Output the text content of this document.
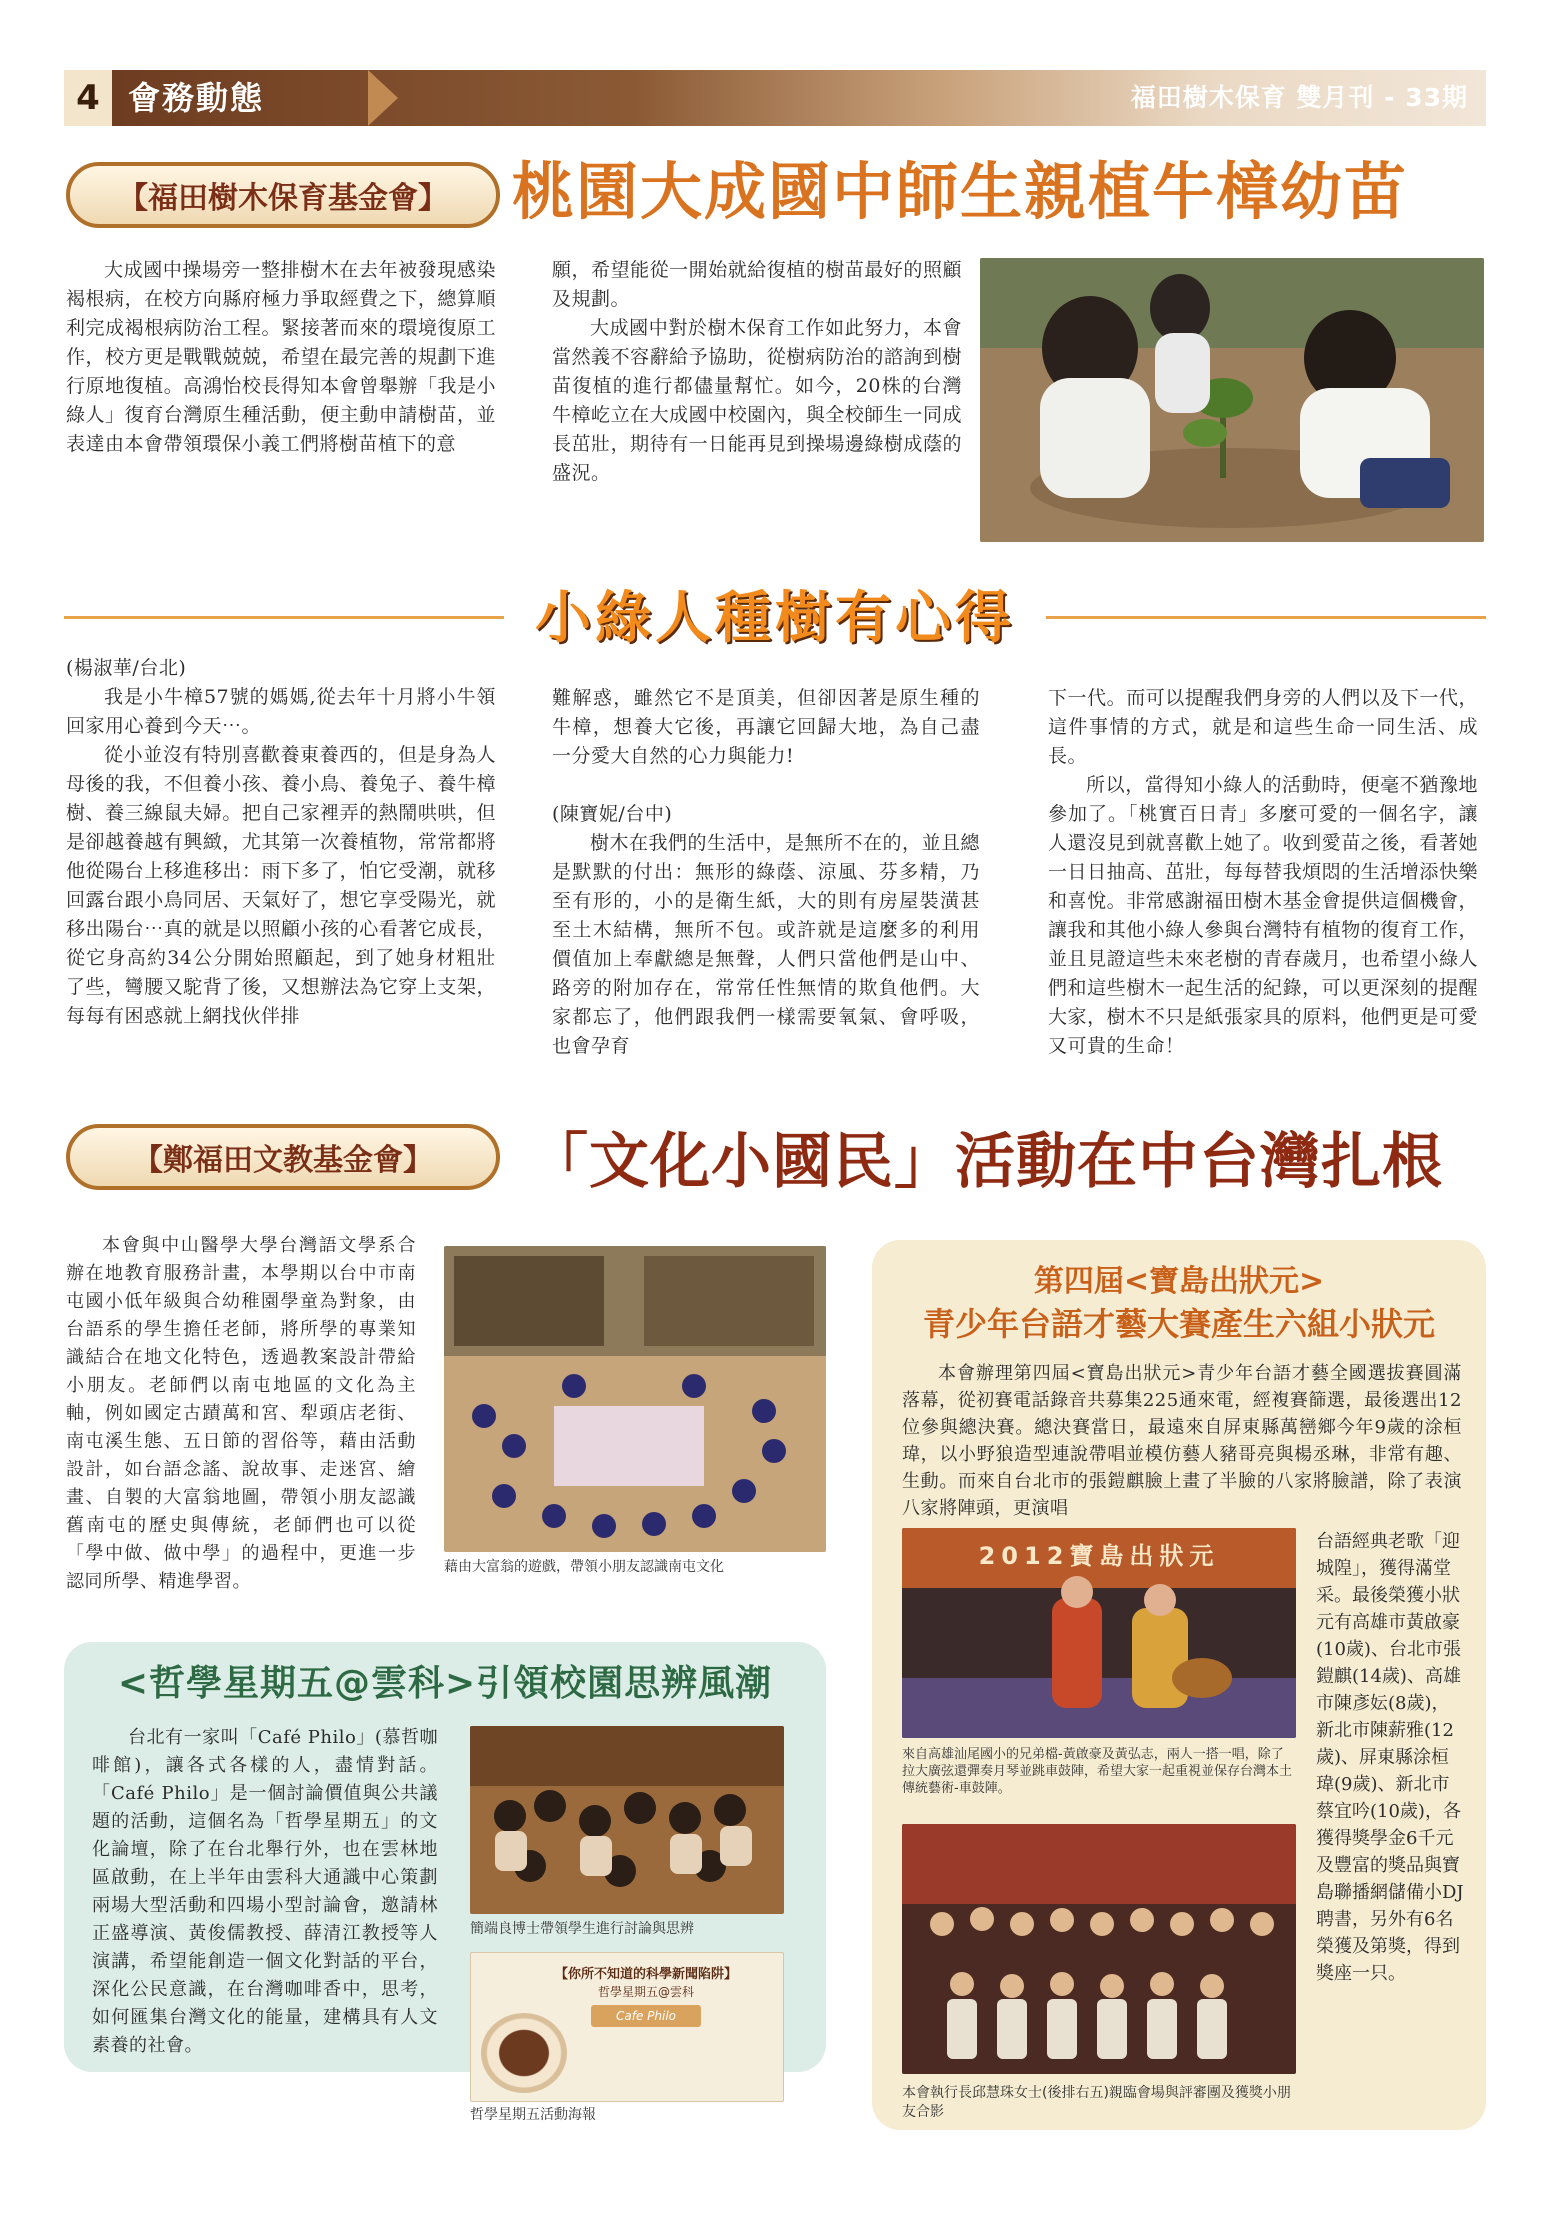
4 會務動態	福田樹木保育 雙月刊 - 33期
【福田樹木保育基金會】	桃園大成國中師生親植牛樟幼苗

大成國中操場旁一整排樹木在去年被發現感染褐根病，在校方向縣府極力爭取經費之下，總算順利完成褐根病防治工程。緊接著而來的環境復原工作，校方更是戰戰兢兢，希望在最完善的規劃下進行原地復植。高鴻怡校長得知本會曾舉辦「我是小綠人」復育台灣原生種活動，便主動申請樹苗，並表達由本會帶領環保小義工們將樹苗植下的意

願，希望能從一開始就給復植的樹苗最好的照顧及規劃。

大成國中對於樹木保育工作如此努力，本會當然義不容辭給予協助，從樹病防治的諮詢到樹苗復植的進行都儘量幫忙。如今，20株的台灣牛樟屹立在大成國中校園內，與全校師生一同成長茁壯，期待有一日能再見到操場邊綠樹成蔭的盛況。

小綠人種樹有心得

(楊淑華/台北)

我是小牛樟57號的媽媽,從去年十月將小牛領回家用心養到今天⋯。

從小並沒有特別喜歡養東養西的，但是身為人母後的我，不但養小孩、養小鳥、養兔子、養牛樟樹、養三線鼠夫婦。把自己家裡弄的熱鬧哄哄，但是卻越養越有興緻，尤其第一次養植物，常常都將他從陽台上移進移出：雨下多了，怕它受潮，就移回露台跟小鳥同居、天氣好了，想它享受陽光，就移出陽台⋯真的就是以照顧小孩的心看著它成長，從它身高約34公分開始照顧起，到了她身材粗壯了些，彎腰又駝背了後，又想辦法為它穿上支架，每每有困惑就上網找伙伴排

難解惑，雖然它不是頂美，但卻因著是原生種的牛樟，想養大它後，再讓它回歸大地，為自己盡一分愛大自然的心力與能力!

(陳寶妮/台中)

樹木在我們的生活中，是無所不在的，並且總是默默的付出：無形的綠蔭、涼風、芬多精，乃至有形的，小的是衛生紙，大的則有房屋裝潢甚至土木結構，無所不包。或許就是這麼多的利用價值加上奉獻總是無聲，人們只當他們是山中、路旁的附加存在，常常任性無情的欺負他們。大家都忘了，他們跟我們一樣需要氧氣、會呼吸，也會孕育

下一代。而可以提醒我們身旁的人們以及下一代，這件事情的方式，就是和這些生命一同生活、成長。

所以，當得知小綠人的活動時，便毫不猶豫地參加了。「桃實百日青」多麼可愛的一個名字，讓人還沒見到就喜歡上她了。收到愛苗之後，看著她一日日抽高、茁壯，每每替我煩悶的生活增添快樂和喜悅。非常感謝福田樹木基金會提供這個機會，讓我和其他小綠人參與台灣特有植物的復育工作，並且見證這些未來老樹的青春歲月，也希望小綠人們和這些樹木一起生活的紀錄，可以更深刻的提醒大家，樹木不只是紙張家具的原料，他們更是可愛又可貴的生命！

【鄭福田文教基金會】	「文化小國民」活動在中台灣扎根

本會與中山醫學大學台灣語文學系合辦在地教育服務計畫，本學期以台中市南屯國小低年級與合幼稚園學童為對象，由台語系的學生擔任老師，將所學的專業知識結合在地文化特色，透過教案設計帶給小朋友。老師們以南屯地區的文化為主軸，例如國定古蹟萬和宮、犁頭店老街、南屯溪生態、五日節的習俗等，藉由活動設計，如台語念謠、說故事、走迷宮、繪畫、自製的大富翁地圖，帶領小朋友認識舊南屯的歷史與傳統，老師們也可以從「學中做、做中學」的過程中，更進一步認同所學、精進學習。

藉由大富翁的遊戲，帶領小朋友認識南屯文化
<哲學星期五@雲科>引領校園思辨風潮

台北有一家叫「Café Philo」(慕哲咖啡館)，讓各式各樣的人，盡情對話。「Café Philo」是一個討論價值與公共議題的活動，這個名為「哲學星期五」的文化論壇，除了在台北舉行外，也在雲林地區啟動，在上半年由雲科大通識中心策劃兩場大型活動和四場小型討論會，邀請林正盛導演、黃俊儒教授、薛清江教授等人演講，希望能創造一個文化對話的平台，深化公民意識，在台灣咖啡香中，思考，如何匯集台灣文化的能量，建構具有人文素養的社會。

簡端良博士帶領學生進行討論與思辨
【你所不知道的科學新聞陷阱】
哲學星期五@雲科
Cafe Philo
哲學星期五活動海報
第四屆<寶島出狀元>
青少年台語才藝大賽產生六組小狀元

本會辦理第四屆<寶島出狀元>青少年台語才藝全國選拔賽圓滿落幕，從初賽電話錄音共募集225通來電，經複賽篩選，最後選出12位參與總決賽。總決賽當日，最遠來自屏東縣萬巒鄉今年9歲的涂桓瑋，以小野狼造型連說帶唱並模仿藝人豬哥亮與楊丞琳，非常有趣、生動。而來自台北市的張鎧麒臉上畫了半臉的八家將臉譜，除了表演八家將陣頭，更演唱

2012寶島出狀元
來自高雄汕尾國小的兄弟檔-黃啟豪及黃弘志，兩人一搭一唱，除了拉大廣弦還彈奏月琴並跳車鼓陣，希望大家一起重視並保存台灣本土傳統藝術-車鼓陣。
本會執行長邱慧珠女士(後排右五)親臨會場與評審團及獲獎小朋友合影

台語經典老歌「迎城隍」，獲得滿堂采。最後榮獲小狀元有高雄市黃啟豪(10歲)、台北市張鎧麒(14歲)、高雄市陳彥妘(8歲)，新北市陳薪雅(12歲)、屏東縣涂桓瑋(9歲)、新北市蔡宜吟(10歲)，各獲得獎學金6千元及豐富的獎品與寶島聯播網儲備小DJ聘書，另外有6名榮獲及第獎，得到獎座一只。
